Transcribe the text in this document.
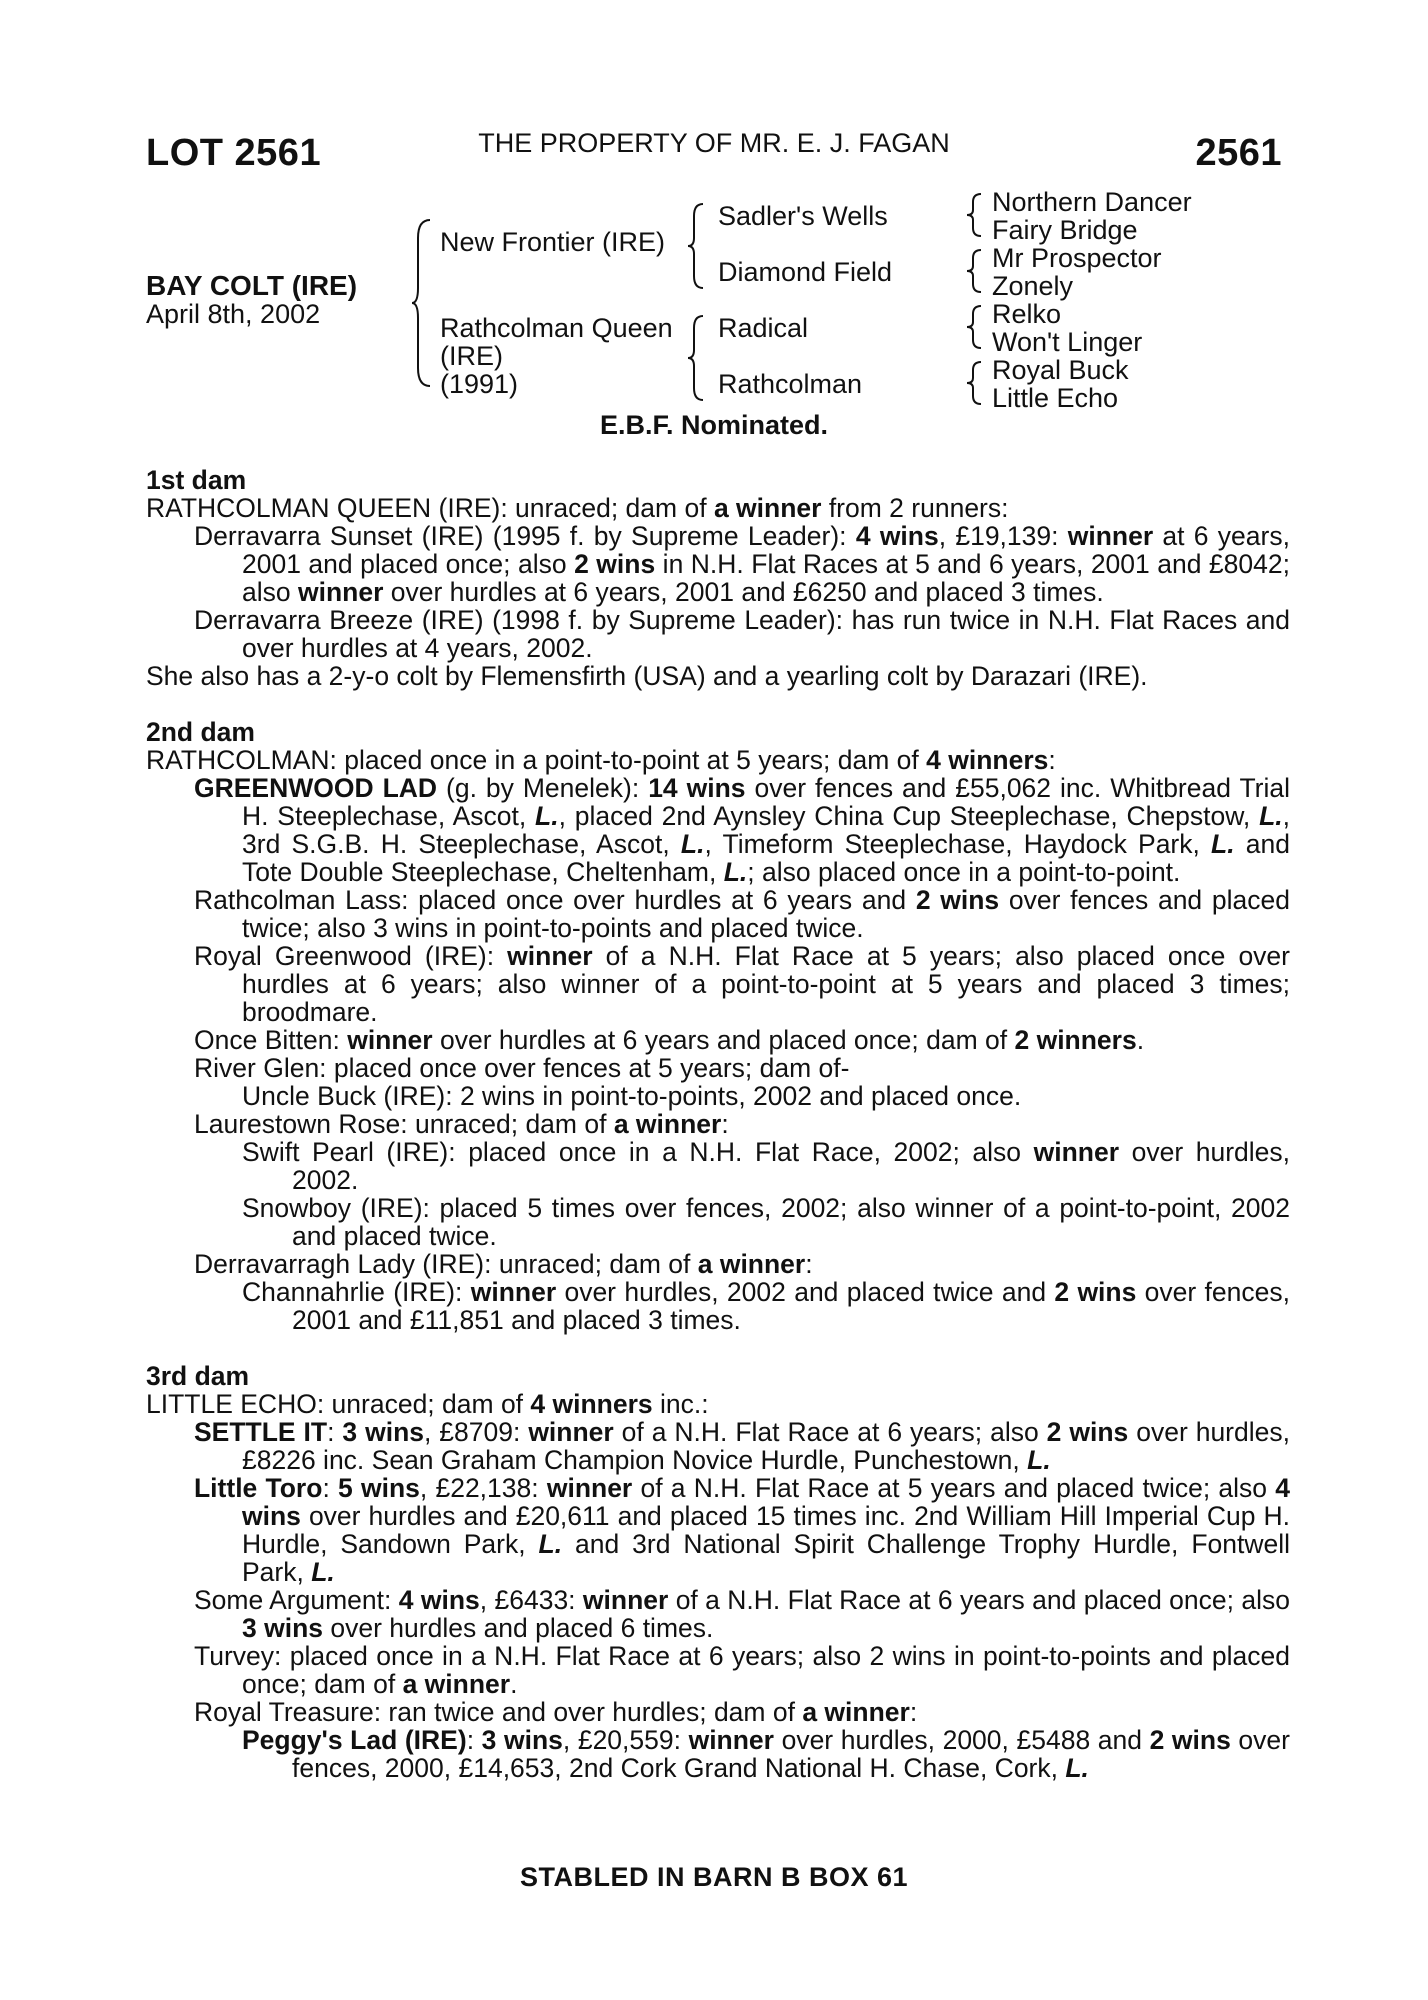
LOT 2561	THE PROPERTY OF MR. E. J. FAGAN	2561
BAY COLT (IRE)
April 8th, 2002
New Frontier (IRE)
Rathcolman Queen
(IRE)
(1991)
Sadler's Wells
Diamond Field
Radical
Rathcolman
Northern Dancer
Fairy Bridge
Mr Prospector
Zonely
Relko
Won't Linger
Royal Buck
Little Echo
E.B.F. Nominated.
1st dam
RATHCOLMAN QUEEN (IRE): unraced; dam of a winner from 2 runners:
Derravarra Sunset (IRE) (1995 f. by Supreme Leader): 4 wins, £19,139: winner at 6 years, 2001 and placed once; also 2 wins in N.H. Flat Races at 5 and 6 years, 2001 and £8042; also winner over hurdles at 6 years, 2001 and £6250 and placed 3 times.
Derravarra Breeze (IRE) (1998 f. by Supreme Leader): has run twice in N.H. Flat Races and over hurdles at 4 years, 2002.
She also has a 2-y-o colt by Flemensfirth (USA) and a yearling colt by Darazari (IRE).
2nd dam
RATHCOLMAN: placed once in a point-to-point at 5 years; dam of 4 winners:
GREENWOOD LAD (g. by Menelek): 14 wins over fences and £55,062 inc. Whitbread Trial H. Steeplechase, Ascot, L., placed 2nd Aynsley China Cup Steeplechase, Chepstow, L., 3rd S.G.B. H. Steeplechase, Ascot, L., Timeform Steeplechase, Haydock Park, L. and Tote Double Steeplechase, Cheltenham, L.; also placed once in a point-to-point.
Rathcolman Lass: placed once over hurdles at 6 years and 2 wins over fences and placed twice; also 3 wins in point-to-points and placed twice.
Royal Greenwood (IRE): winner of a N.H. Flat Race at 5 years; also placed once over hurdles at 6 years; also winner of a point-to-point at 5 years and placed 3 times; broodmare.
Once Bitten: winner over hurdles at 6 years and placed once; dam of 2 winners.
River Glen: placed once over fences at 5 years; dam of-
Uncle Buck (IRE): 2 wins in point-to-points, 2002 and placed once.
Laurestown Rose: unraced; dam of a winner:
Swift Pearl (IRE): placed once in a N.H. Flat Race, 2002; also winner over hurdles, 2002.
Snowboy (IRE): placed 5 times over fences, 2002; also winner of a point-to-point, 2002 and placed twice.
Derravarragh Lady (IRE): unraced; dam of a winner:
Channahrlie (IRE): winner over hurdles, 2002 and placed twice and 2 wins over fences, 2001 and £11,851 and placed 3 times.
3rd dam
LITTLE ECHO: unraced; dam of 4 winners inc.:
SETTLE IT: 3 wins, £8709: winner of a N.H. Flat Race at 6 years; also 2 wins over hurdles, £8226 inc. Sean Graham Champion Novice Hurdle, Punchestown, L.
Little Toro: 5 wins, £22,138: winner of a N.H. Flat Race at 5 years and placed twice; also 4 wins over hurdles and £20,611 and placed 15 times inc. 2nd William Hill Imperial Cup H. Hurdle, Sandown Park, L. and 3rd National Spirit Challenge Trophy Hurdle, Fontwell Park, L.
Some Argument: 4 wins, £6433: winner of a N.H. Flat Race at 6 years and placed once; also 3 wins over hurdles and placed 6 times.
Turvey: placed once in a N.H. Flat Race at 6 years; also 2 wins in point-to-points and placed once; dam of a winner.
Royal Treasure: ran twice and over hurdles; dam of a winner:
Peggy's Lad (IRE): 3 wins, £20,559: winner over hurdles, 2000, £5488 and 2 wins over fences, 2000, £14,653, 2nd Cork Grand National H. Chase, Cork, L.
STABLED IN BARN B BOX 61
